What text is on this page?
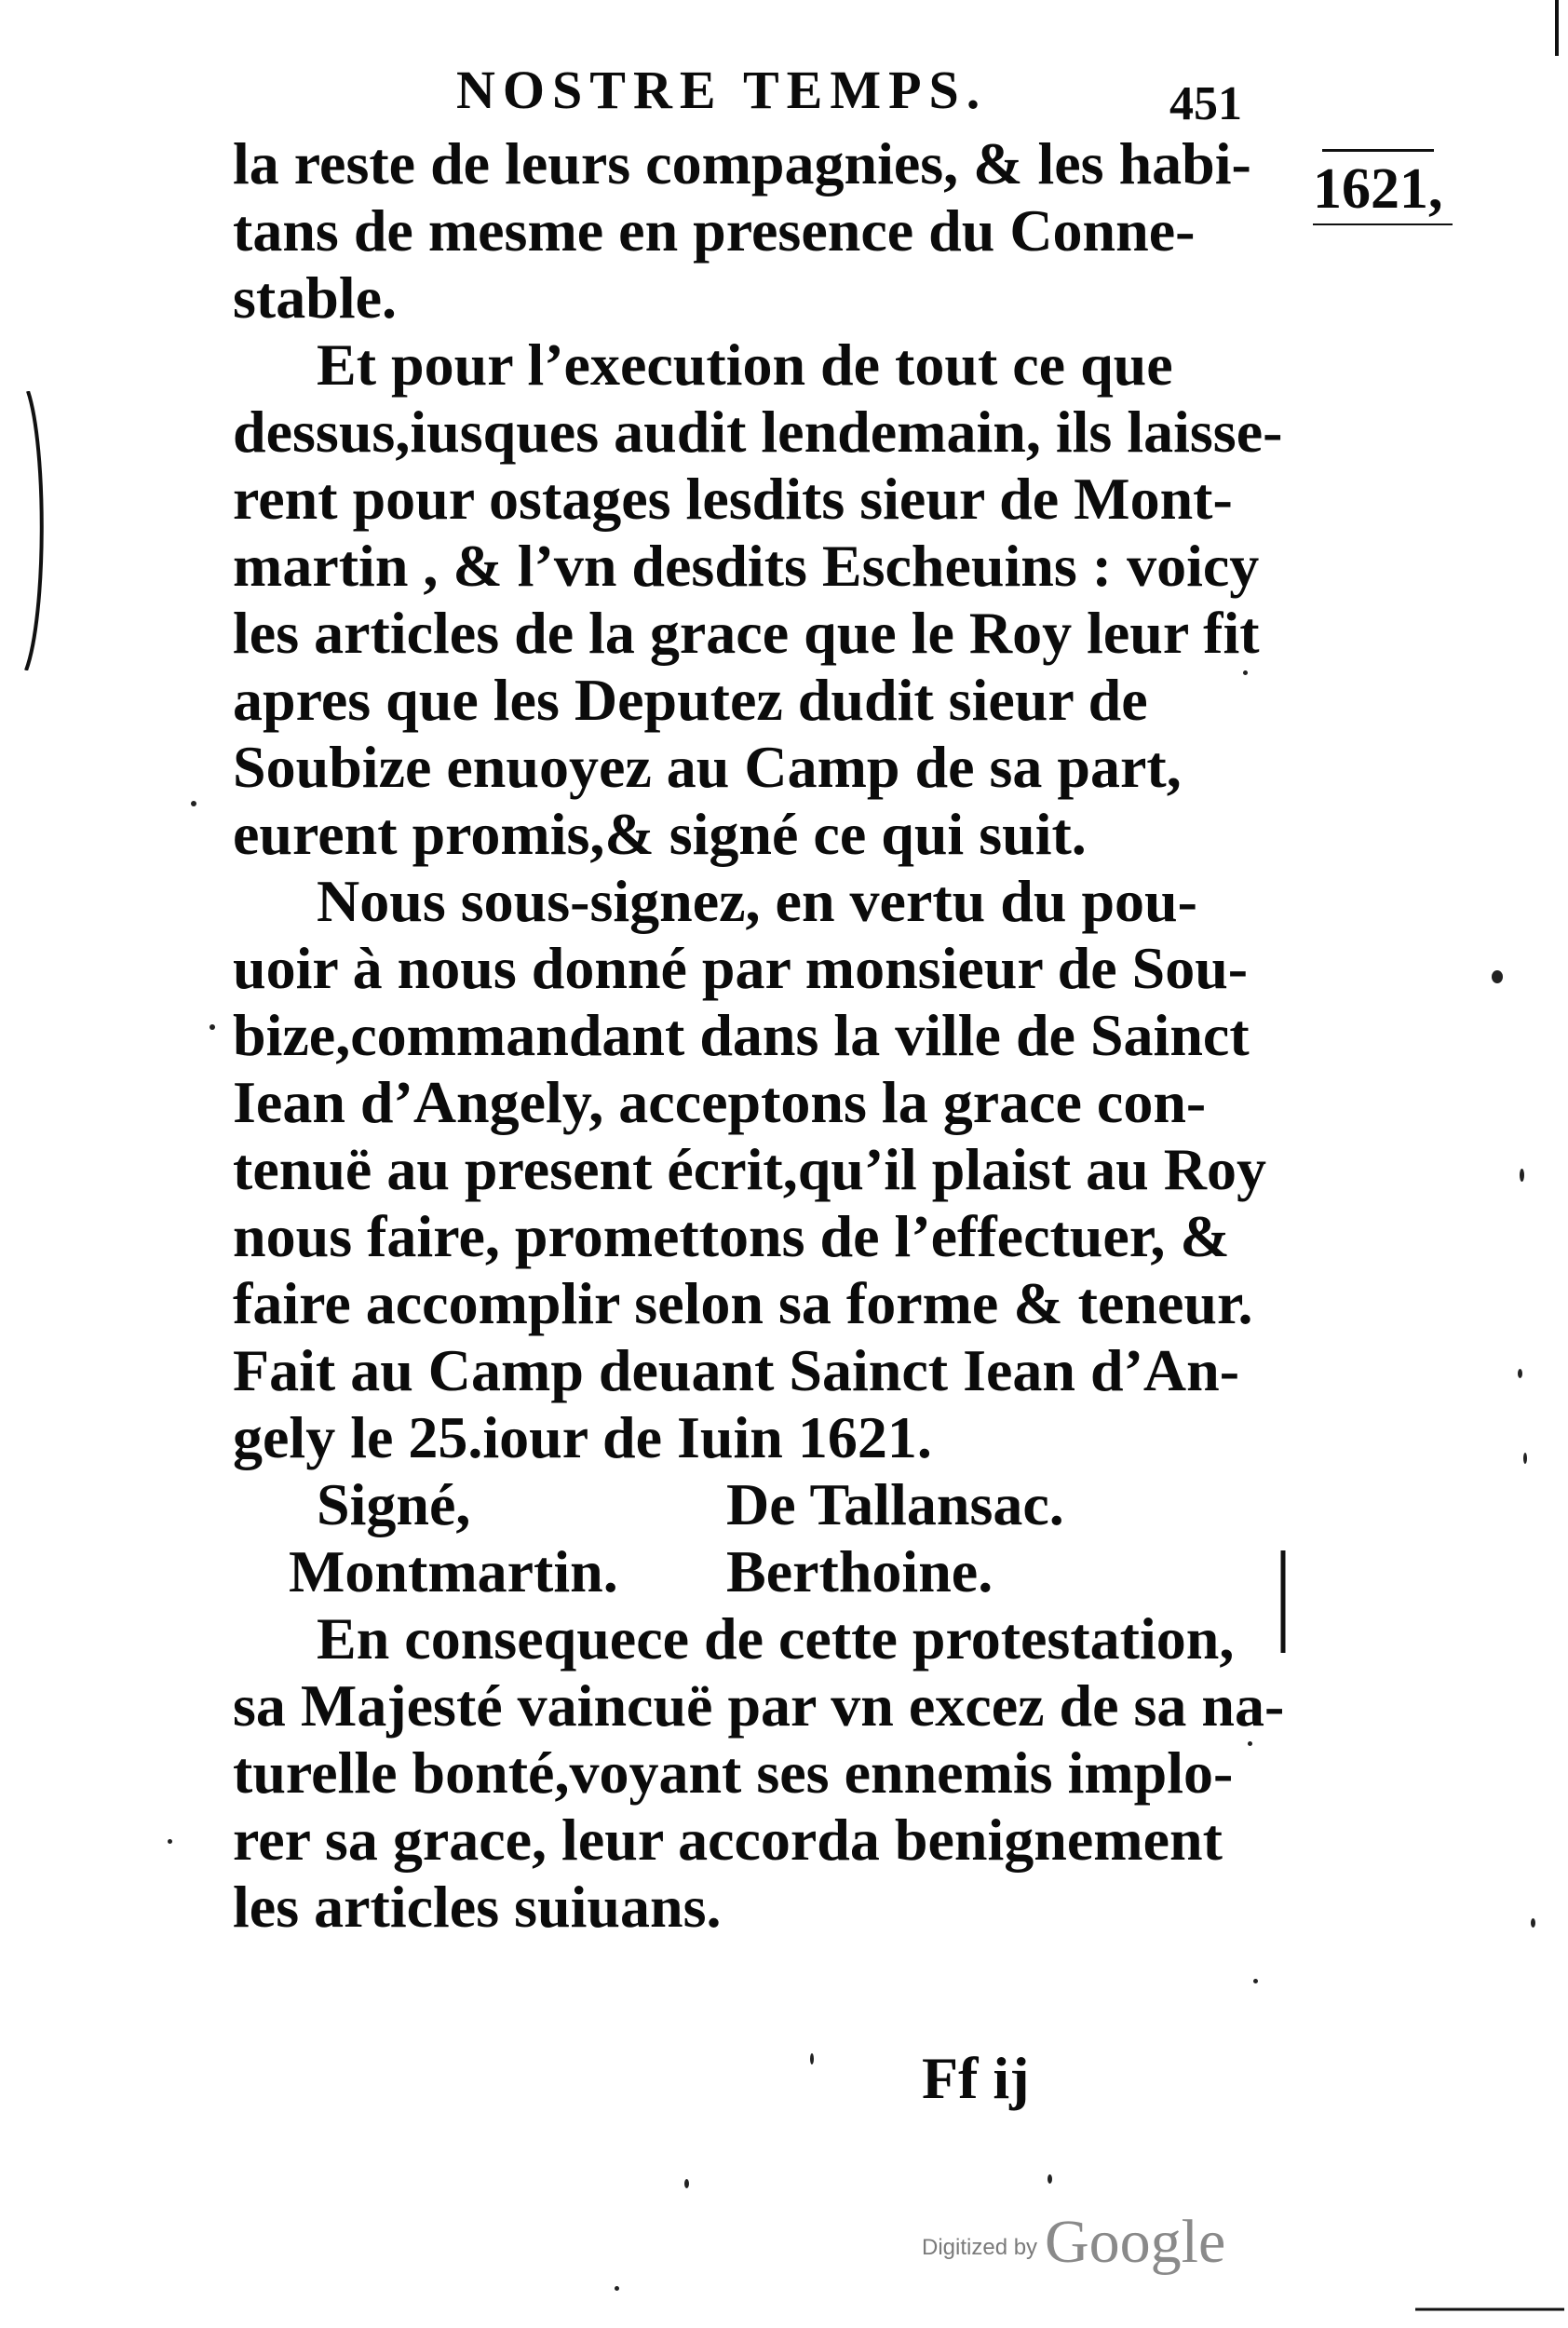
NOSTRE TEMPS.	451
1621,
la reste de leurs compagnies, & les habi-
tans de mesme en presence du Conne-
stable.
Et pour l’execution de tout ce que
dessus,iusques audit lendemain, ils laisse-
rent pour ostages lesdits sieur de Mont-
martin , & l’vn desdits Escheuins : voicy
les articles de la grace que le Roy leur fit
apres que les Deputez dudit sieur de
Soubize enuoyez au Camp de sa part,
eurent promis,& signé ce qui suit.
Nous sous-signez, en vertu du pou-
uoir à nous donné par monsieur de Sou-
bize,commandant dans la ville de Sainct
Iean d’Angely, acceptons la grace con-
tenuë au present écrit,qu’il plaist au Roy
nous faire, promettons de l’effectuer, &
faire accomplir selon sa forme & teneur.
Fait au Camp deuant Sainct Iean d’An-
gely le 25.iour de Iuin 1621.
Signé,	De Tallansac.
Montmartin. Berthoine.
En consequece de cette protestation,
sa Majesté vaincuë par vn excez de sa na-
turelle bonté,voyant ses ennemis implo-
rer sa grace, leur accorda benignement
les articles suiuans.
Ff ij
Digitized by Google
